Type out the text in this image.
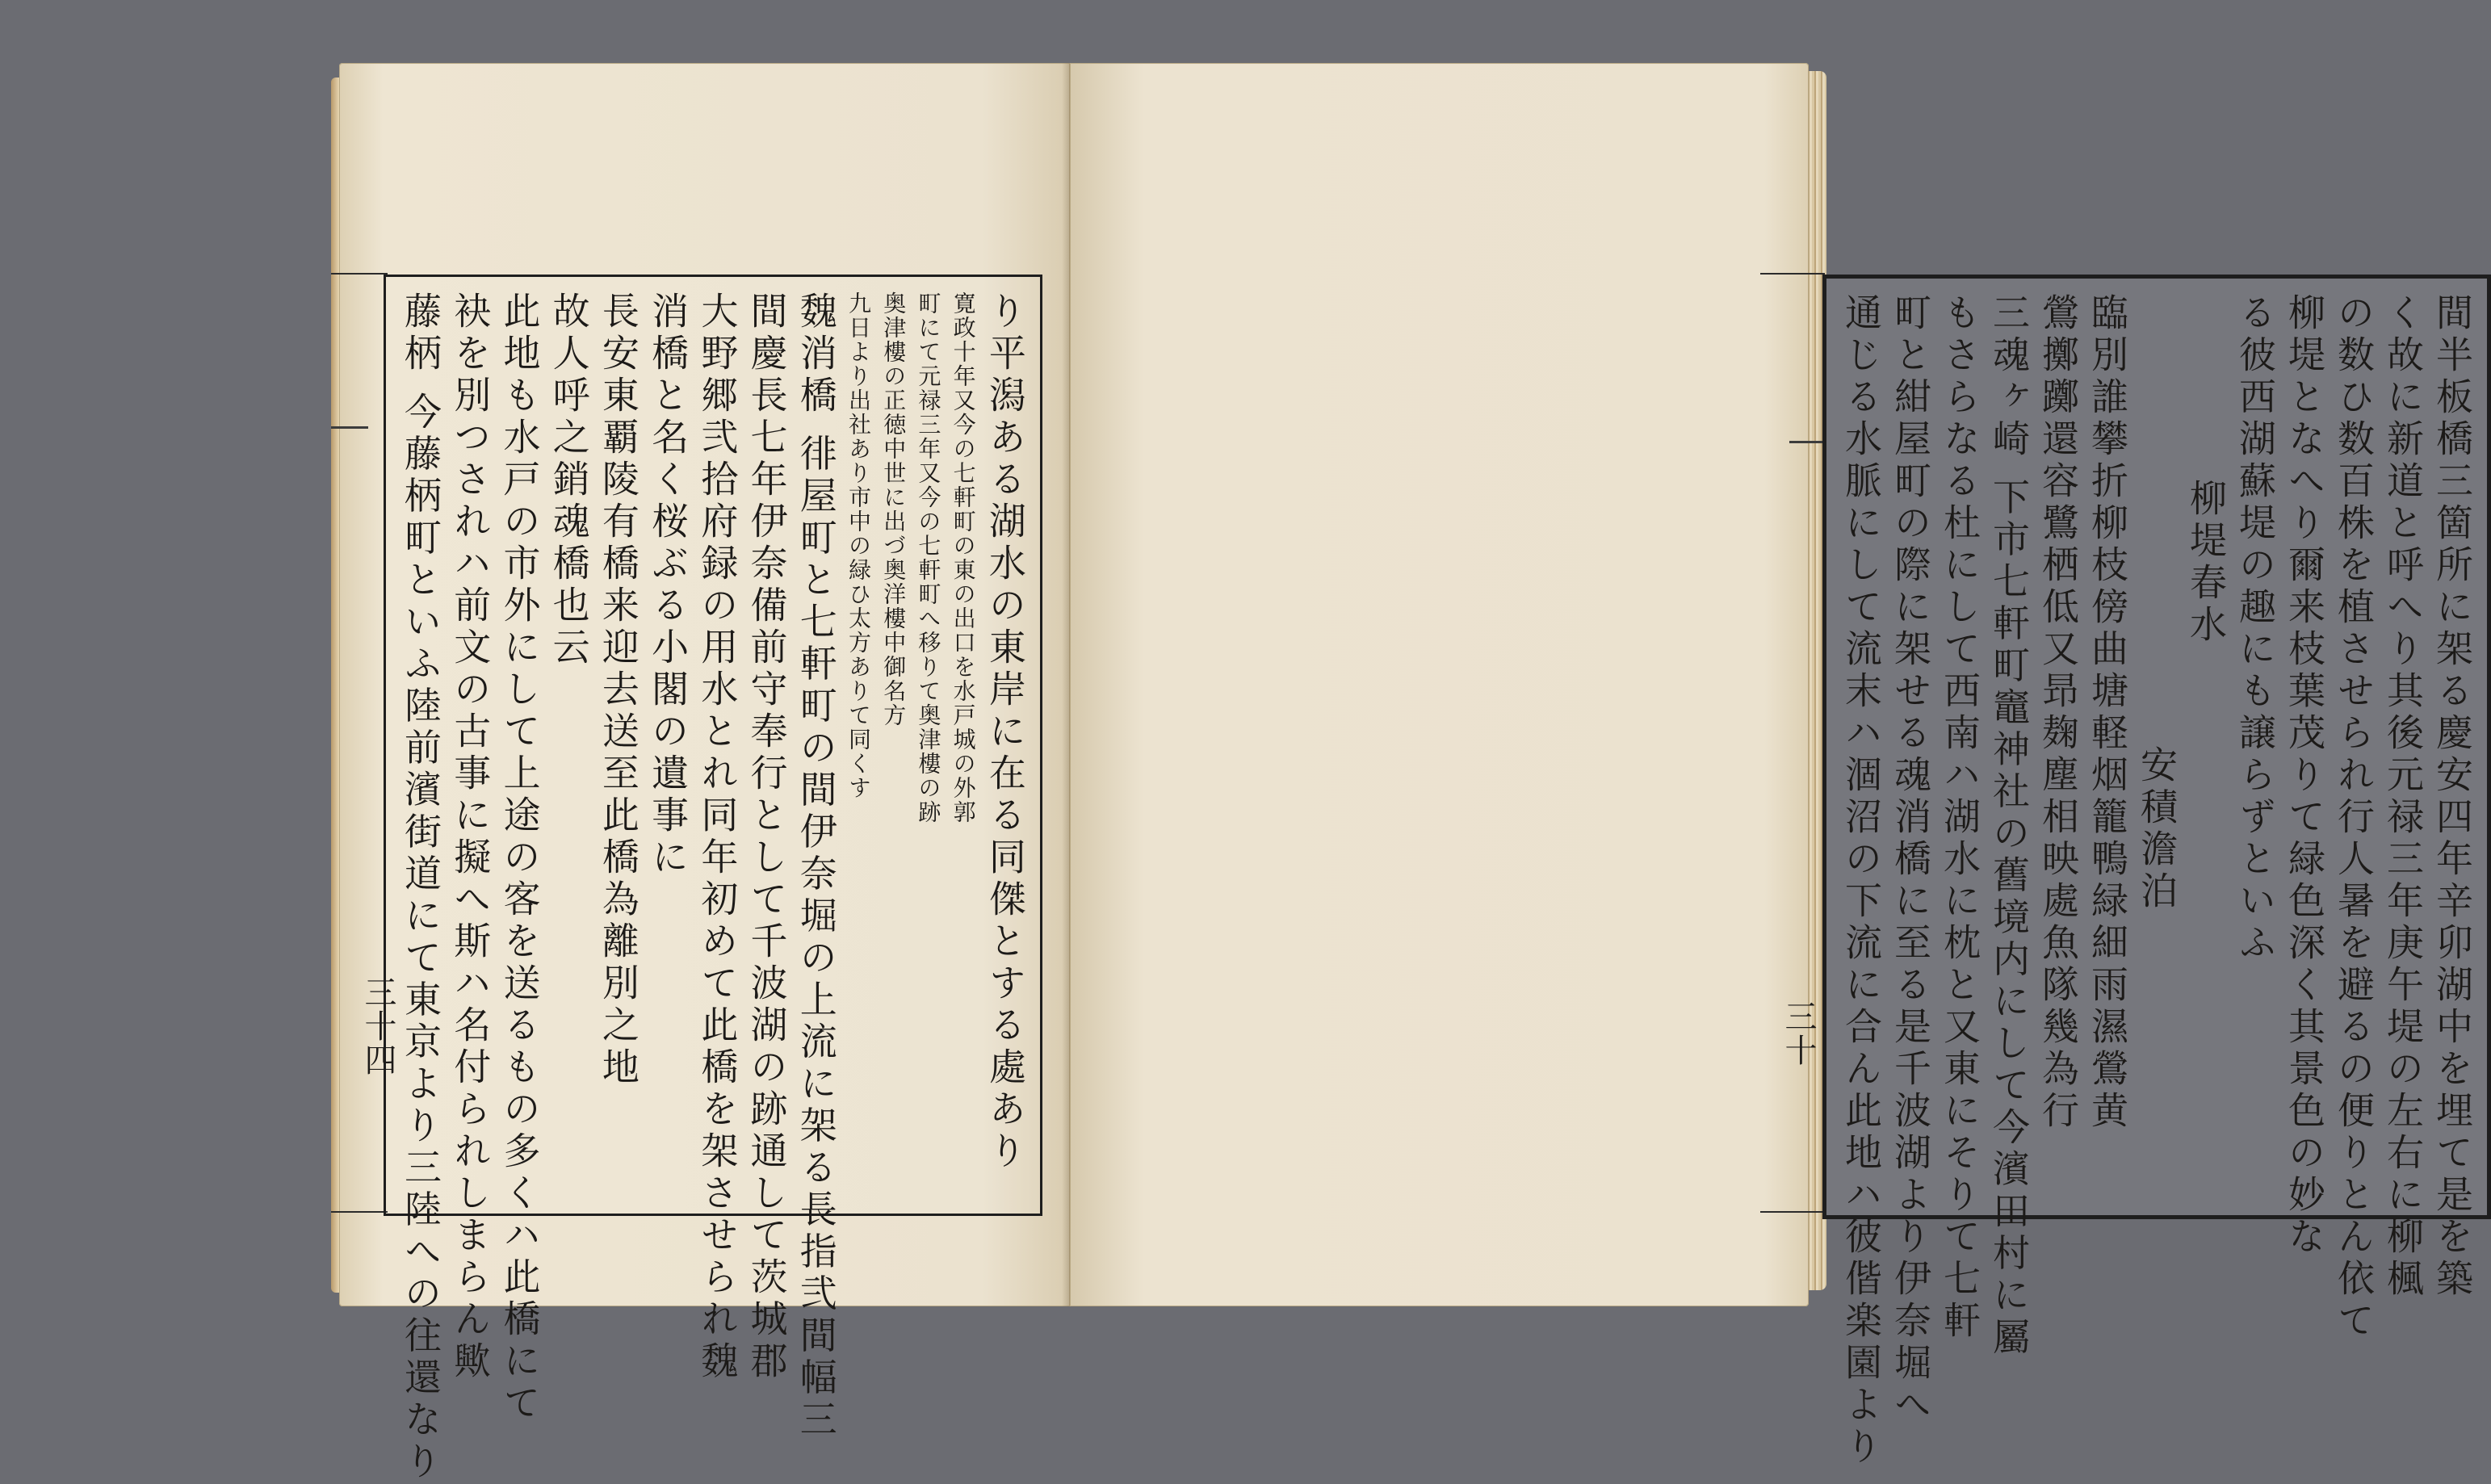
り平潟ある湖水の東岸に在る同傑とする處あり
寛政十年又今の七軒町の東の出口を水戸城の外郭
町にて元禄三年又今の七軒町へ移りて奥津樓の跡
奥津樓の正徳中世に出づ奥洋樓中御名方
九日より出社あり市中の緑ひ太方ありて同くす
魏消橋 徘屋町と七軒町の間伊奈堀の上流に架る長指弐間幅三
間慶長七年伊奈備前守奉行として千波湖の跡通して茨城郡
大野郷弐拾府録の用水とれ同年初めて此橋を架させられ魏
消橋と名く桜ぶる小閣の遺事に
長安東覇陵有橋来迎去送至此橋為離別之地
故人呼之銷魂橋也云
此地も水戸の市外にして上途の客を送るもの多くハ此橋にて
袂を別つされハ前文の古事に擬へ斯ハ名付られしまらん歟
藤柄 今藤柄町といふ陸前濱街道にて東京より三陸への往還なり
三十四	間半板橋三箇所に架る慶安四年辛卯湖中を埋て是を築
く故に新道と呼へり其後元禄三年庚午堤の左右に柳楓
の数ひ数百株を植させられ行人暑を避るの便りとん依て
柳堤となへり爾来枝葉茂りて緑色深く其景色の妙な
る彼西湖蘇堤の趣にも譲らずといふ
柳堤春水
安積澹泊
臨別誰攀折柳枝傍曲塘軽烟籠鴨緑細雨濕鶯黄
鶯擲躑還容鷺栖低又昻麹塵相映處魚隊幾為行
三魂ヶ崎 下市七軒町竈神社の舊境内にして今濱田村に屬
もさらなる杜にして西南ハ湖水に枕と又東にそりて七軒
町と紺屋町の際に架せる魂消橋に至る是千波湖より伊奈堀へ
通じる水脈にして流末ハ涸沼の下流に合ん此地ハ彼偕楽園より
三十
